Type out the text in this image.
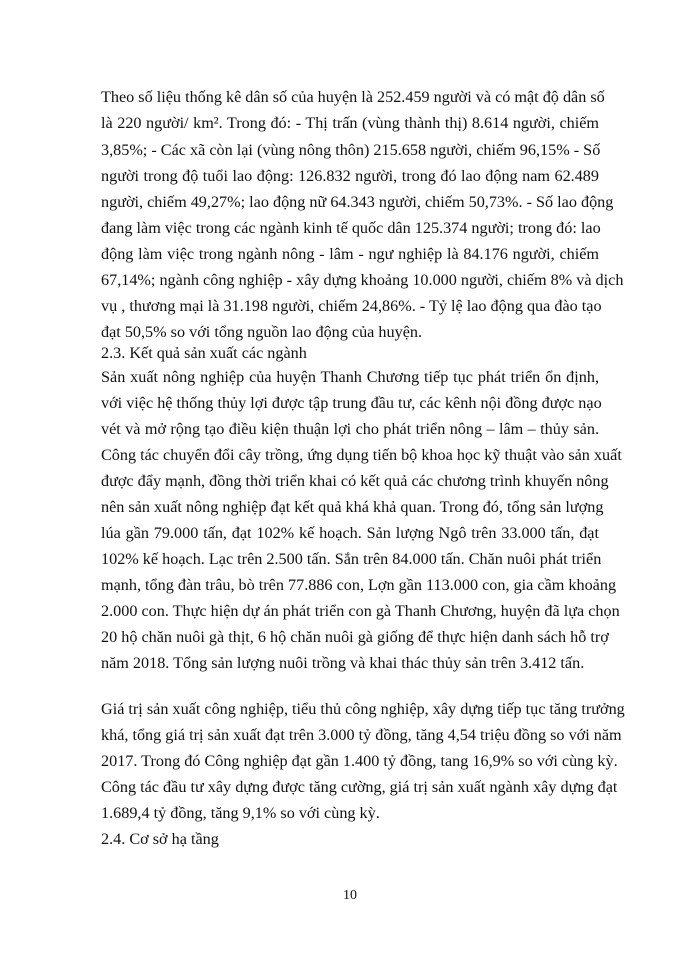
Theo số liệu thống kê dân số của huyện là 252.459 người và có mật độ dân số
là 220 người/ km². Trong đó: - Thị trấn (vùng thành thị) 8.614 người, chiếm
3,85%; - Các xã còn lại (vùng nông thôn) 215.658 người, chiếm 96,15% - Số
người trong độ tuổi lao động: 126.832 người, trong đó lao động nam 62.489
người, chiếm 49,27%; lao động nữ 64.343 người, chiếm 50,73%. - Số lao động
đang làm việc trong các ngành kinh tế quốc dân 125.374 người; trong đó: lao
động làm việc trong ngành nông - lâm - ngư nghiệp là 84.176 người, chiếm
67,14%; ngành công nghiệp - xây dựng khoảng 10.000 người, chiếm 8% và dịch
vụ , thương mại là 31.198 người, chiếm 24,86%. - Tỷ lệ lao động qua đào tạo
đạt 50,5% so với tổng nguồn lao động của huyện.
2.3. Kết quả sản xuất các ngành
Sản xuất nông nghiệp của huyện Thanh Chương tiếp tục phát triển ổn định,
với việc hệ thống thủy lợi được tập trung đầu tư, các kênh nội đồng được nạo
vét và mở rộng tạo điều kiện thuận lợi cho phát triển nông – lâm – thủy sản.
Công tác chuyển đổi cây trồng, ứng dụng tiến bộ khoa học kỹ thuật vào sản xuất
được đẩy mạnh, đồng thời triển khai có kết quả các chương trình khuyến nông
nên sản xuất nông nghiệp đạt kết quả khá khả quan. Trong đó, tổng sản lượng
lúa gần 79.000 tấn, đạt 102% kế hoạch. Sản lượng Ngô trên 33.000 tấn, đạt
102% kế hoạch. Lạc trên 2.500 tấn. Sắn trên 84.000 tấn. Chăn nuôi phát triển
mạnh, tổng đàn trâu, bò trên 77.886 con, Lợn gần 113.000 con, gia cầm khoảng
2.000 con. Thực hiện dự án phát triển con gà Thanh Chương, huyện đã lựa chọn
20 hộ chăn nuôi gà thịt, 6 hộ chăn nuôi gà giống để thực hiện danh sách hỗ trợ
năm 2018. Tổng sản lượng nuôi trồng và khai thác thủy sản trên 3.412 tấn.
Giá trị sản xuất công nghiệp, tiểu thủ công nghiệp, xây dựng tiếp tục tăng trưởng
khá, tổng giá trị sản xuất đạt trên 3.000 tỷ đồng, tăng 4,54 triệu đồng so với năm
2017. Trong đó Công nghiệp đạt gần 1.400 tỷ đồng, tang 16,9% so với cùng kỳ.
Công tác đầu tư xây dựng được tăng cường, giá trị sản xuất ngành xây dựng đạt
1.689,4 tỷ đồng, tăng 9,1% so với cùng kỳ.
2.4. Cơ sở hạ tầng
10
